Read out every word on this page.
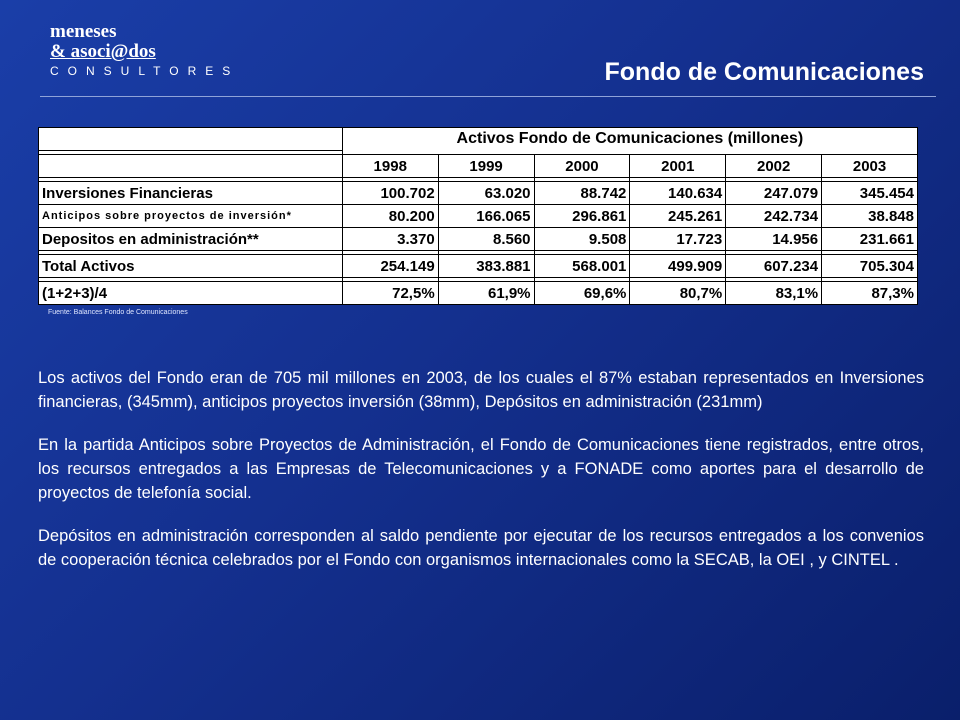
meneses
& asoci@dos
CONSULTORES	Fondo de Comunicaciones
	Activos Fondo de Comunicaciones (millones)					

	1998	1999	2000	2001	2002	2003

Inversiones Financieras	100.702	63.020	88.742	140.634	247.079	345.454
Anticipos sobre proyectos de inversión*	80.200	166.065	296.861	245.261	242.734	38.848
Depositos en administración**	3.370	8.560	9.508	17.723	14.956	231.661

Total Activos	254.149	383.881	568.001	499.909	607.234	705.304

(1+2+3)/4	72,5%	61,9%	69,6%	80,7%	83,1%	87,3%
Fuente: Balances Fondo de Comunicaciones

Los activos del Fondo eran de 705 mil millones en 2003, de los cuales el 87% estaban representados en Inversiones financieras, (345mm), anticipos proyectos inversión (38mm), Depósitos en administración (231mm)

En la partida Anticipos sobre Proyectos de Administración, el Fondo de Comunicaciones tiene registrados, entre otros, los recursos entregados a las Empresas de Telecomunicaciones y a FONADE como aportes para el desarrollo de proyectos de telefonía social.

Depósitos en administración corresponden al saldo pendiente por ejecutar de los recursos entregados a los convenios de cooperación técnica celebrados por el Fondo con organismos internacionales como la SECAB, la OEI , y CINTEL .
